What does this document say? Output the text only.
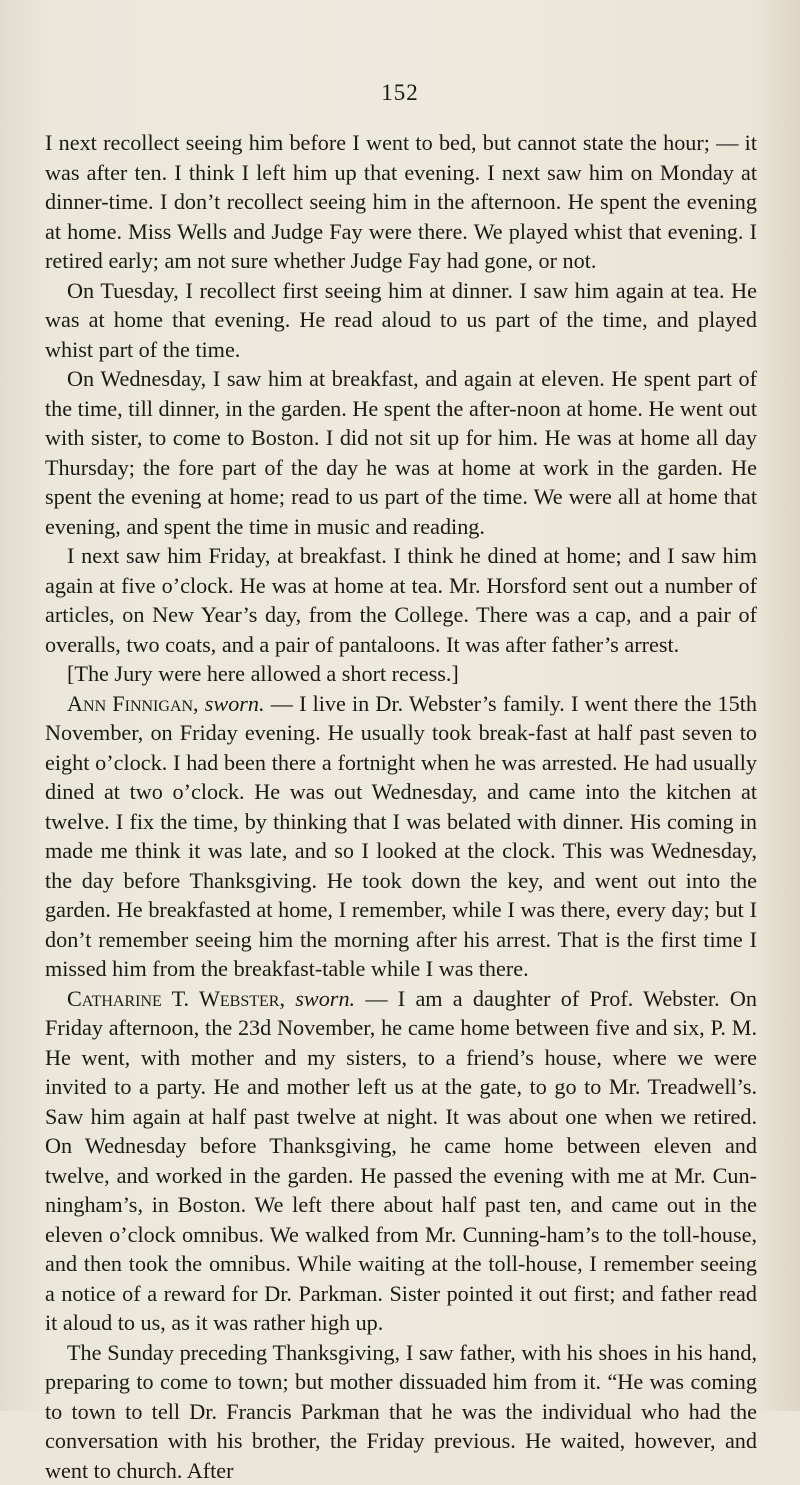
152

I next recollect seeing him before I went to bed, but cannot state the hour; — it was after ten. I think I left him up that evening. I next saw him on Monday at dinner-time. I don’t recollect seeing him in the afternoon. He spent the evening at home. Miss Wells and Judge Fay were there. We played whist that evening. I retired early; am not sure whether Judge Fay had gone, or not.

On Tuesday, I recollect first seeing him at dinner. I saw him again at tea. He was at home that evening. He read aloud to us part of the time, and played whist part of the time.

On Wednesday, I saw him at breakfast, and again at eleven. He spent part of the time, till dinner, in the garden. He spent the after-noon at home. He went out with sister, to come to Boston. I did not sit up for him. He was at home all day Thursday; the fore part of the day he was at home at work in the garden. He spent the evening at home; read to us part of the time. We were all at home that evening, and spent the time in music and reading.

I next saw him Friday, at breakfast. I think he dined at home; and I saw him again at five o’clock. He was at home at tea. Mr. Horsford sent out a number of articles, on New Year’s day, from the College. There was a cap, and a pair of overalls, two coats, and a pair of pantaloons. It was after father’s arrest.

[The Jury were here allowed a short recess.]

Ann Finnigan, sworn. — I live in Dr. Webster’s family. I went there the 15th November, on Friday evening. He usually took break-fast at half past seven to eight o’clock. I had been there a fortnight when he was arrested. He had usually dined at two o’clock. He was out Wednesday, and came into the kitchen at twelve. I fix the time, by thinking that I was belated with dinner. His coming in made me think it was late, and so I looked at the clock. This was Wednesday, the day before Thanksgiving. He took down the key, and went out into the garden. He breakfasted at home, I remember, while I was there, every day; but I don’t remember seeing him the morning after his arrest. That is the first time I missed him from the breakfast-table while I was there.

Catharine T. Webster, sworn. — I am a daughter of Prof. Webster. On Friday afternoon, the 23d November, he came home between five and six, P. M. He went, with mother and my sisters, to a friend’s house, where we were invited to a party. He and mother left us at the gate, to go to Mr. Treadwell’s. Saw him again at half past twelve at night. It was about one when we retired. On Wednesday before Thanksgiving, he came home between eleven and twelve, and worked in the garden. He passed the evening with me at Mr. Cun-ningham’s, in Boston. We left there about half past ten, and came out in the eleven o’clock omnibus. We walked from Mr. Cunning-ham’s to the toll-house, and then took the omnibus. While waiting at the toll-house, I remember seeing a notice of a reward for Dr. Parkman. Sister pointed it out first; and father read it aloud to us, as it was rather high up.

The Sunday preceding Thanksgiving, I saw father, with his shoes in his hand, preparing to come to town; but mother dissuaded him from it. “He was coming to town to tell Dr. Francis Parkman that he was the individual who had the conversation with his brother, the Friday previous. He waited, however, and went to church. After
